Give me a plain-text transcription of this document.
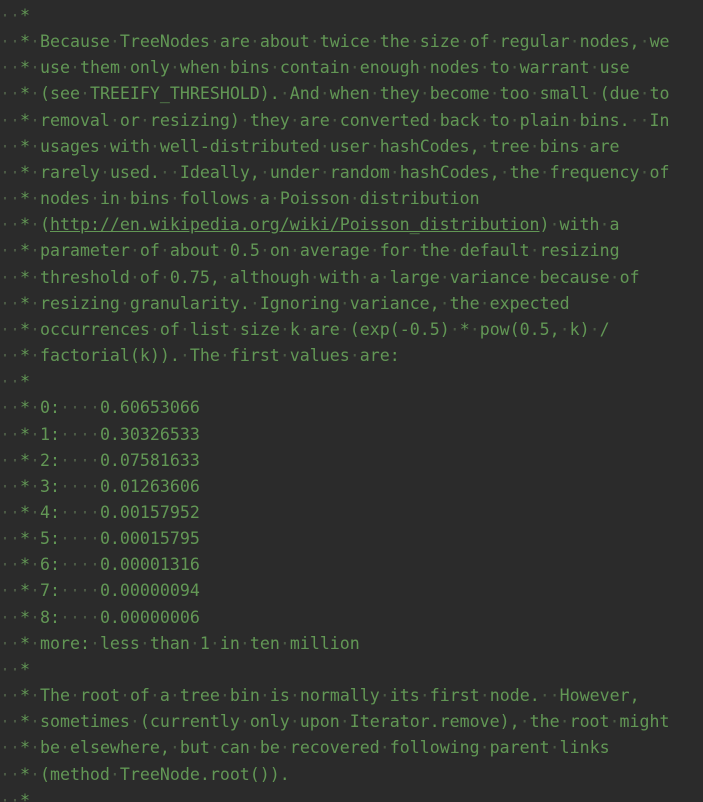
··*
··*·Because·TreeNodes·are·about·twice·the·size·of·regular·nodes,·we
··*·use·them·only·when·bins·contain·enough·nodes·to·warrant·use
··*·(see·TREEIFY_THRESHOLD).·And·when·they·become·too·small·(due·to
··*·removal·or·resizing)·they·are·converted·back·to·plain·bins.··In
··*·usages·with·well-distributed·user·hashCodes,·tree·bins·are
··*·rarely·used.··Ideally,·under·random·hashCodes,·the·frequency·of
··*·nodes·in·bins·follows·a·Poisson·distribution
··*·(http://en.wikipedia.org/wiki/Poisson_distribution)·with·a
··*·parameter·of·about·0.5·on·average·for·the·default·resizing
··*·threshold·of·0.75,·although·with·a·large·variance·because·of
··*·resizing·granularity.·Ignoring·variance,·the·expected
··*·occurrences·of·list·size·k·are·(exp(-0.5)·*·pow(0.5,·k)·/
··*·factorial(k)).·The·first·values·are:
··*
··*·0:····0.60653066
··*·1:····0.30326533
··*·2:····0.07581633
··*·3:····0.01263606
··*·4:····0.00157952
··*·5:····0.00015795
··*·6:····0.00001316
··*·7:····0.00000094
··*·8:····0.00000006
··*·more:·less·than·1·in·ten·million
··*
··*·The·root·of·a·tree·bin·is·normally·its·first·node.··However,
··*·sometimes·(currently·only·upon·Iterator.remove),·the·root·might
··*·be·elsewhere,·but·can·be·recovered·following·parent·links
··*·(method·TreeNode.root()).
··*
